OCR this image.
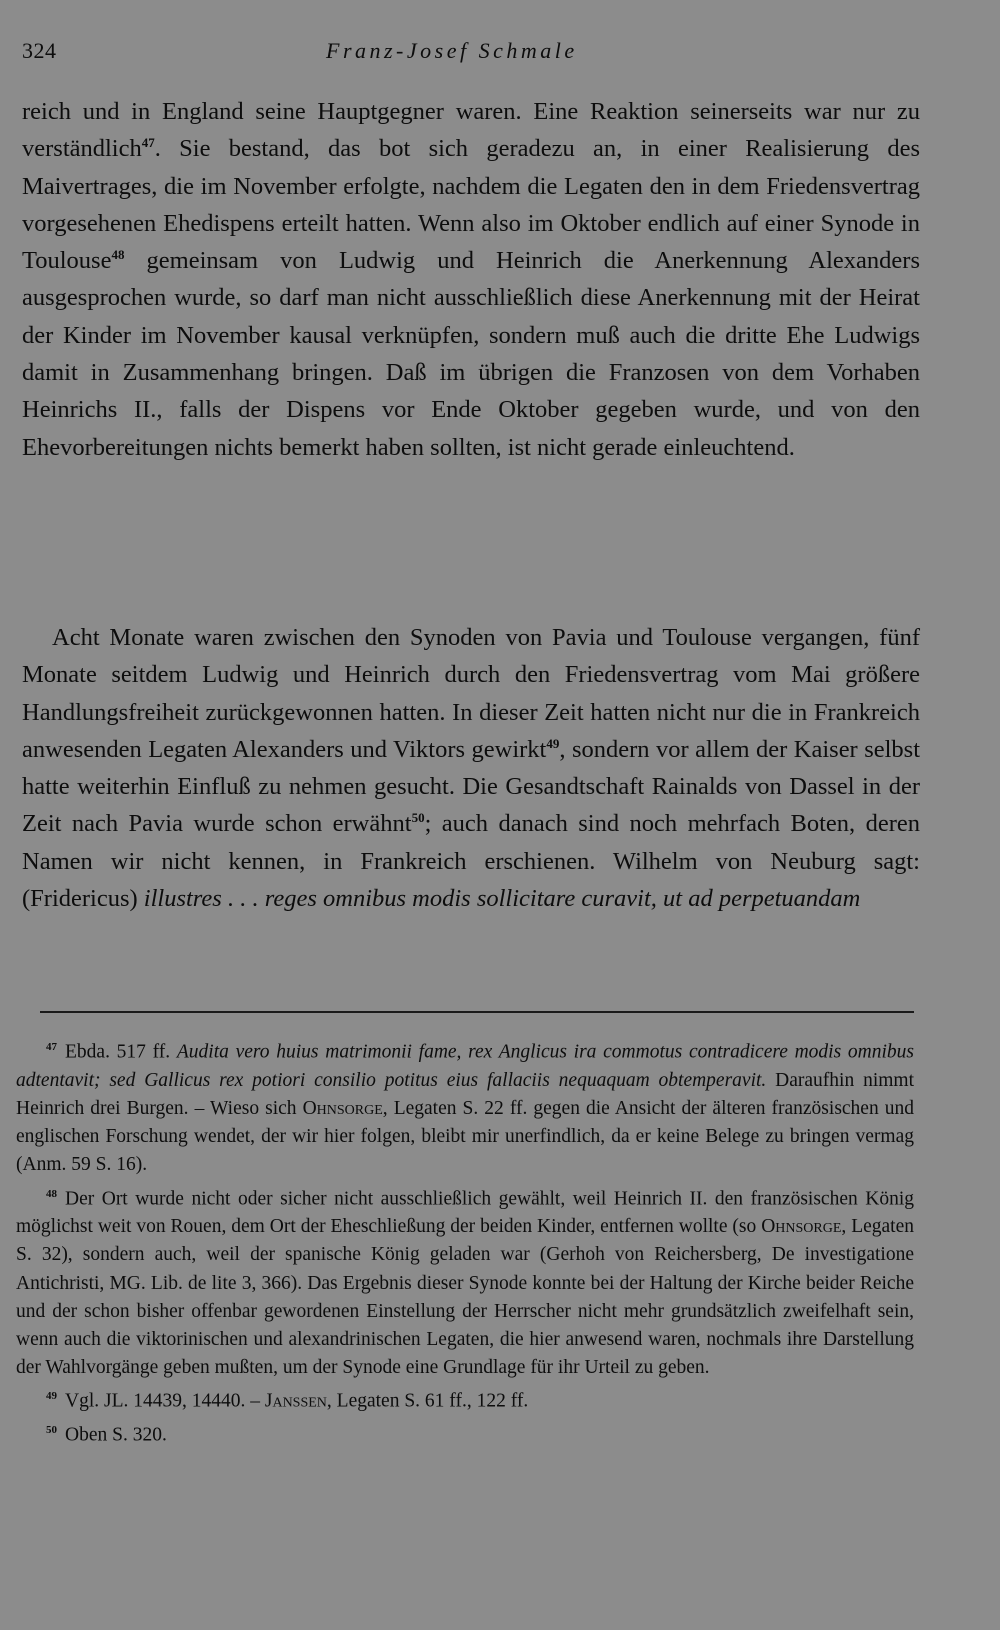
324	Franz-Josef Schmale
reich und in England seine Hauptgegner waren. Eine Reaktion seinerseits war nur zu verständlich$^{47}$. Sie bestand, das bot sich geradezu an, in einer Realisierung des Maivertrages, die im November erfolgte, nachdem die Legaten den in dem Friedensvertrag vorgesehenen Ehedispens erteilt hatten. Wenn also im Oktober endlich auf einer Synode in Toulouse$^{48}$ gemeinsam von Ludwig und Heinrich die Anerkennung Alexanders ausgesprochen wurde, so darf man nicht ausschließlich diese Anerkennung mit der Heirat der Kinder im November kausal verknüpfen, sondern muß auch die dritte Ehe Ludwigs damit in Zusammenhang bringen. Daß im übrigen die Franzosen von dem Vorhaben Heinrichs II., falls der Dispens vor Ende Oktober gegeben wurde, und von den Ehevorbereitungen nichts bemerkt haben sollten, ist nicht gerade einleuchtend.
Acht Monate waren zwischen den Synoden von Pavia und Toulouse vergangen, fünf Monate seitdem Ludwig und Heinrich durch den Friedensvertrag vom Mai größere Handlungsfreiheit zurückgewonnen hatten. In dieser Zeit hatten nicht nur die in Frankreich anwesenden Legaten Alexanders und Viktors gewirkt$^{49}$, sondern vor allem der Kaiser selbst hatte weiterhin Einfluß zu nehmen gesucht. Die Gesandtschaft Rainalds von Dassel in der Zeit nach Pavia wurde schon erwähnt$^{50}$; auch danach sind noch mehrfach Boten, deren Namen wir nicht kennen, in Frankreich erschienen. Wilhelm von Neuburg sagt: (Fridericus) illustres . . . reges omnibus modis sollicitare curavit, ut ad perpetuandam

$^{47}$ Ebda. 517 ff. Audita vero huius matrimonii fame, rex Anglicus ira commotus contradicere modis omnibus adtentavit; sed Gallicus rex potiori consilio potitus eius fallaciis nequaquam obtemperavit. Daraufhin nimmt Heinrich drei Burgen. – Wieso sich Ohnsorge, Legaten S. 22 ff. gegen die Ansicht der älteren französischen und englischen Forschung wendet, der wir hier folgen, bleibt mir unerfindlich, da er keine Belege zu bringen vermag (Anm. 59 S. 16).

$^{48}$ Der Ort wurde nicht oder sicher nicht ausschließlich gewählt, weil Heinrich II. den französischen König möglichst weit von Rouen, dem Ort der Eheschließung der beiden Kinder, entfernen wollte (so Ohnsorge, Legaten S. 32), sondern auch, weil der spanische König geladen war (Gerhoh von Reichersberg, De investigatione Antichristi, MG. Lib. de lite 3, 366). Das Ergebnis dieser Synode konnte bei der Haltung der Kirche beider Reiche und der schon bisher offenbar gewordenen Einstellung der Herrscher nicht mehr grundsätzlich zweifelhaft sein, wenn auch die viktorinischen und alexandrinischen Legaten, die hier anwesend waren, nochmals ihre Darstellung der Wahlvorgänge geben mußten, um der Synode eine Grundlage für ihr Urteil zu geben.

$^{49}$ Vgl. JL. 14439, 14440. – Janssen, Legaten S. 61 ff., 122 ff.

$^{50}$ Oben S. 320.
